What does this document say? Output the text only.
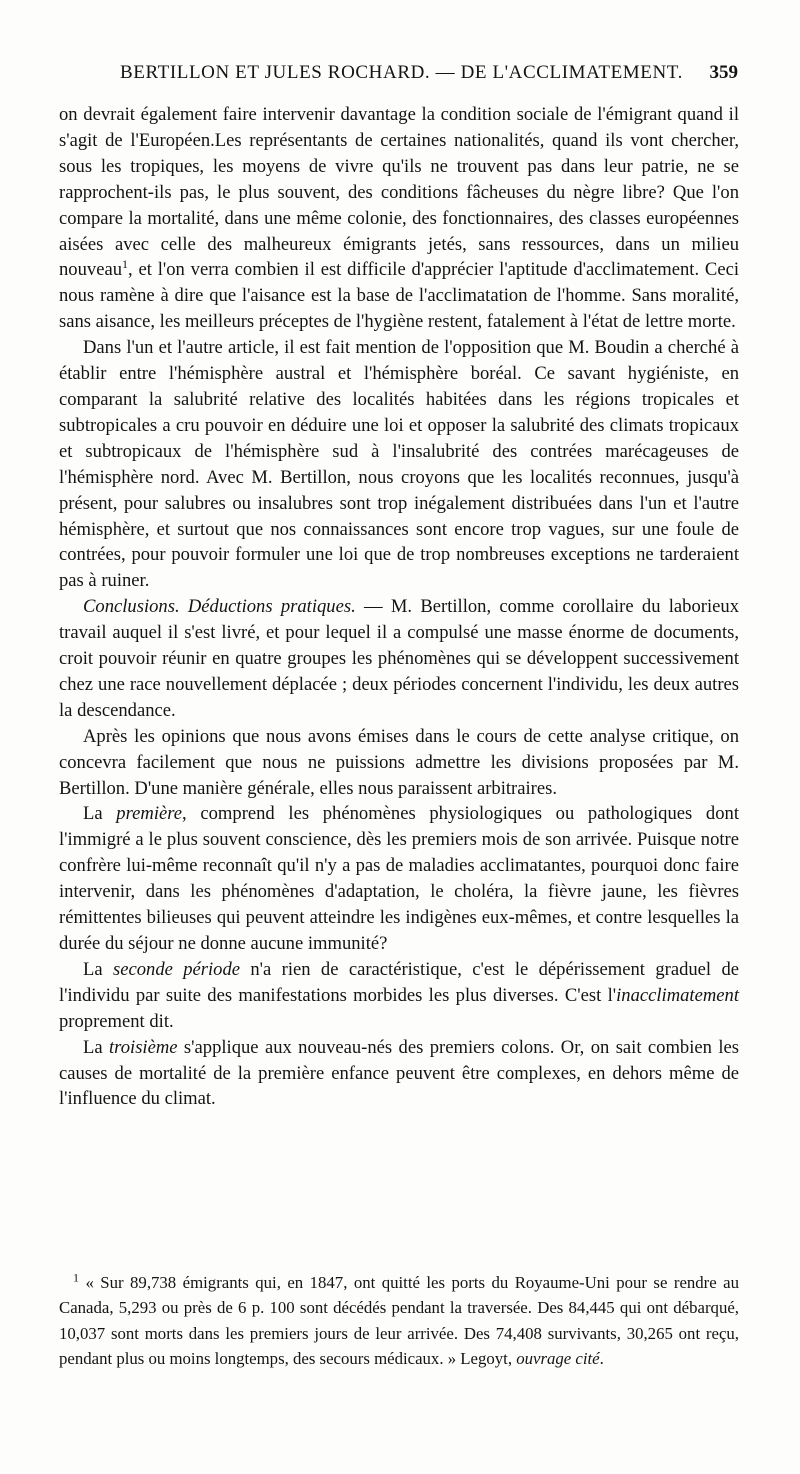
BERTILLON ET JULES ROCHARD. — DE L'ACCLIMATEMENT. 359

on devrait également faire intervenir davantage la condition sociale de l'émigrant quand il s'agit de l'Européen.Les représentants de certaines nationalités, quand ils vont chercher, sous les tropiques, les moyens de vivre qu'ils ne trouvent pas dans leur patrie, ne se rapprochent-ils pas, le plus souvent, des conditions fâcheuses du nègre libre? Que l'on compare la mortalité, dans une même colonie, des fonctionnaires, des classes européennes aisées avec celle des malheureux émigrants jetés, sans ressources, dans un milieu nouveau$^1$, et l'on verra combien il est difficile d'apprécier l'aptitude d'acclimatement. Ceci nous ramène à dire que l'aisance est la base de l'acclimatation de l'homme. Sans moralité, sans aisance, les meilleurs préceptes de l'hygiène restent, fatalement à l'état de lettre morte.

Dans l'un et l'autre article, il est fait mention de l'opposition que M. Boudin a cherché à établir entre l'hémisphère austral et l'hémisphère boréal. Ce savant hygiéniste, en comparant la salubrité relative des localités habitées dans les régions tropicales et subtropicales a cru pouvoir en déduire une loi et opposer la salubrité des climats tropicaux et subtropicaux de l'hémisphère sud à l'insalubrité des contrées marécageuses de l'hémisphère nord. Avec M. Bertillon, nous croyons que les localités reconnues, jusqu'à présent, pour salubres ou insalubres sont trop inégalement distribuées dans l'un et l'autre hémisphère, et surtout que nos connaissances sont encore trop vagues, sur une foule de contrées, pour pouvoir formuler une loi que de trop nombreuses exceptions ne tarderaient pas à ruiner.

Conclusions. Déductions pratiques. — M. Bertillon, comme corollaire du laborieux travail auquel il s'est livré, et pour lequel il a compulsé une masse énorme de documents, croit pouvoir réunir en quatre groupes les phénomènes qui se développent successivement chez une race nouvellement déplacée ; deux périodes concernent l'individu, les deux autres la descendance.

Après les opinions que nous avons émises dans le cours de cette analyse critique, on concevra facilement que nous ne puissions admettre les divisions proposées par M. Bertillon. D'une manière générale, elles nous paraissent arbitraires.

La première, comprend les phénomènes physiologiques ou pathologiques dont l'immigré a le plus souvent conscience, dès les premiers mois de son arrivée. Puisque notre confrère lui-même reconnaît qu'il n'y a pas de maladies acclimatantes, pourquoi donc faire intervenir, dans les phénomènes d'adaptation, le choléra, la fièvre jaune, les fièvres rémittentes bilieuses qui peuvent atteindre les indigènes eux-mêmes, et contre lesquelles la durée du séjour ne donne aucune immunité?

La seconde période n'a rien de caractéristique, c'est le dépérissement graduel de l'individu par suite des manifestations morbides les plus diverses. C'est l'inacclimatement proprement dit.

La troisième s'applique aux nouveau-nés des premiers colons. Or, on sait combien les causes de mortalité de la première enfance peuvent être complexes, en dehors même de l'influence du climat.

$^1$ « Sur 89,738 émigrants qui, en 1847, ont quitté les ports du Royaume-Uni pour se rendre au Canada, 5,293 ou près de 6 p. 100 sont décédés pendant la traversée. Des 84,445 qui ont débarqué, 10,037 sont morts dans les premiers jours de leur arrivée. Des 74,408 survivants, 30,265 ont reçu, pendant plus ou moins longtemps, des secours médicaux. » Legoyt, ouvrage cité.
